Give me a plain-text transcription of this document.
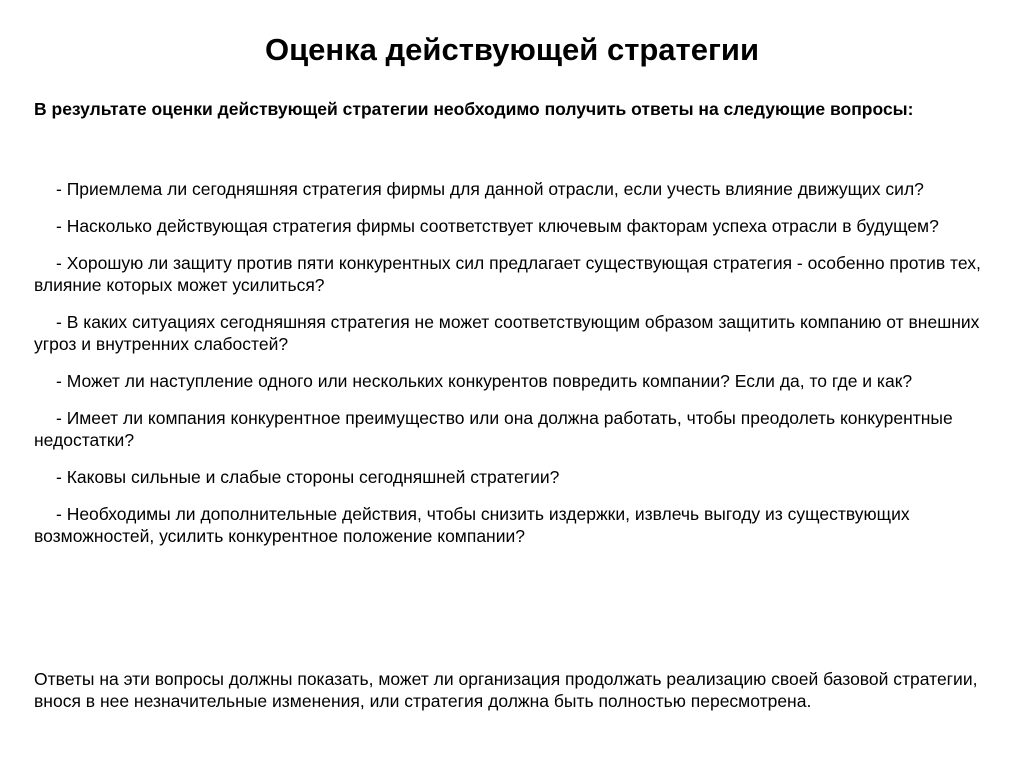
Оценка действующей стратегии

В результате оценки действующей стратегии необходимо получить ответы на следующие вопросы:

- Приемлема ли сегодняшняя стратегия фирмы для данной отрасли, если учесть влияние движущих сил?
- Насколько действующая стратегия фирмы соответствует ключевым факторам успеха отрасли в будущем?
- Хорошую ли защиту против пяти конкурентных сил предлагает существующая стратегия - особенно против тех, влияние которых может усилиться?
- В каких ситуациях сегодняшняя стратегия не может соответствующим образом защитить компанию от внешних угроз и внутренних слабостей?
- Может ли наступление одного или нескольких конкурентов повредить компании? Если да, то где и как?
- Имеет ли компания конкурентное преимущество или она должна работать, чтобы преодолеть конкурентные недостатки?
- Каковы сильные и слабые стороны сегодняшней стратегии?
- Необходимы ли дополнительные действия, чтобы снизить издержки, извлечь выгоду из существующих возможностей, усилить конкурентное положение компании?

Ответы на эти вопросы должны показать, может ли организация продолжать реализацию своей базовой стратегии, внося в нее незначительные изменения, или стратегия должна быть полностью пересмотрена.
